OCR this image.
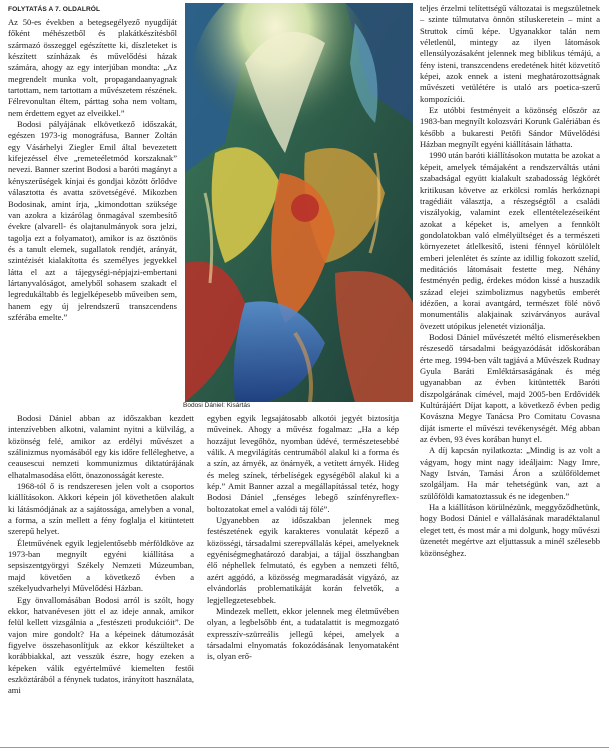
FOLYTATÁS A 7. OLDALRÓL

Az 50-es években a betegsegélyező nyugdíját főként méhészetből és plakátkészítésből származó összeggel egészítette ki, díszleteket is készített színházak és művelődési házak számára, ahogy az egy interjúban mondta: „Az megrendelt munka volt, propagandaanyagnak tartottam, nem tartottam a művészetem részének. Félrevonultan éltem, párttag soha nem voltam, nem érdettem egyet az elveikkel.”

Bodosi pályájának elkövetkező időszakát, egészen 1973-ig monográfusa, Banner Zoltán egy Vásárhelyi Ziegler Emil által bevezetett kifejezéssel élve „remeteéletmód korszaknak” nevezi. Banner szerint Bodosi a baróti magányt a kényszerűségek kínjai és gondjai között őrlődve választotta és avatta szövetségévé. Mikozben Bodosinak, amint írja, „kimondottan szüksége van azokra a kizárólag önmagával szembesítő évekre (alvarell- és olajtanulmányok sora jelzi, tagolja ezt a folyamatot), amikor is az ösztönös és a tanult elemek, sugallatok rendjét, arányát, szintézisét kialakította és személyes jegyekkel látta el azt a tájegységi-népjajzi-embertani lártanyvalóságot, amelyből sohasem szakadt el legredukáltabb és legjelképesebb műveiben sem, hanem egy új jelrendszerű transzcendens szférába emelte.”

Bodosi Dániel: Kisártás

Bodosi Dániel abban az időszakban kezdett intenzívebben alkotni, valamint nyitni a külvilág, a közönség felé, amikor az erdélyi művészet a szálinizmus nyomásából egy kis időre felléleghetve, a ceausescui nemzeti kommunizmus diktatúrájának elhatalmasodása előtt, önazonosságát kereste.

1968-tól ő is rendszeresen jelen volt a csoportos kiállításokon. Akkori képein jól követhetően alakult ki látásmódjának az a sajátossága, amelyben a vonal, a forma, a szín mellett a fény foglalja el kitüntetett szerepű helyet.

Életművének egyik legjelentősebb mérföldköve az 1973-ban megnyílt egyéni kiállítása a sepsiszentgyörgyi Székely Nemzeti Múzeumban, majd követően a következő évben a székelyudvarhelyi Művelődési Házban.

Egy önvallomásában Bodosi arról is szólt, hogy ekkor, hatvanévesen jött el az ideje annak, amikor felül kellett vizsgálnia a „festészeti produkcióit”. De vajon mire gondolt? Ha a képeinek dátumozását figyelve összehasonlítjuk az ekkor készülteket a korábbiakkal, azt vesszük észre, hogy ezeken a képeken válik egyértelművé kiemelten festői eszköztárából a fénynek tudatos, irányított használata, ami

egyben egyik legsajátosabb alkotói jegyét biztosítja műveinek. Ahogy a művész fogalmaz: „Ha a kép hozzájut levegőhöz, nyomban üdévé, természetesebbé válik. A megvilágítás centrumából alakul ki a forma és a szín, az árnyék, az önárnyék, a vetített árnyék. Hideg és meleg színek, térbelíségek egységéből alakul ki a kép.” Amit Banner azzal a megállapítással tetéz, hogy Bodosi Dániel „fenséges lebegő színfényreflex-boltozatokat emel a valódi táj fölé”.

Ugyanebben az időszakban jelennek meg festészetének egyik karakteres vonulatát képező a közösségi, társadalmi szerepvállalás képei, amelyeknek egyéniségmeghatározó darabjai, a tájjal összhangban élő néphellek felmutató, és egyben a nemzeti féltő, azért aggódó, a közösség megmaradását vigyázó, az elvándorlás problematikáját korán felvetők, a legjellegzetesebbek.

Mindezek mellett, ekkor jelennek meg életművében olyan, a legbelsőbb ént, a tudatalattit is megmozgató expresszív-szürreális jellegű képei, amelyek a társadalmi elnyomatás fokozódásának lenyomataként is, olyan erő-

teljes érzelmi telítettségű változatai is megszületnek – szinte túlmutatva önnön stíluskeretein – mint a Struttok című képe. Ugyanakkor talán nem véletlenül, mintegy az ilyen látomások ellensúlyozásaként jelennek meg biblikus témájú, a fény isteni, transzcendens eredetének hitét közvetítő képei, azok ennek a isteni meghatározottságnak művészeti vetülétére is utaló ars poetica-szerű kompozíciói.

Ez utóbbi festményeit a közönség először az 1983-ban megnyílt kolozsvári Korunk Galériában és később a bukaresti Petőfi Sándor Művelődési Házban megnyílt egyéni kiállításain láthatta.

1990 után baróti kiállításokon mutatta be azokat a képeit, amelyek témájaként a rendszerváltás utáni szabadságal együtt kialakult szabadosság légkörét kritikusan követve az erkölcsi romlás herkóznapi tragédiáit választja, a részegségtől a családi viszályokig, valamint ezek ellentételezéseiként azokat a képeket is, amelyen a fennkölt gondolatokban való elmélyültséget és a természeti környezetet átlelkesítő, isteni fénnyel körülölelt emberi jelenlétet és színte az idillig fokozott szelíd, meditációs látomásait festette meg. Néhány festményén pedig, érdekes módon kissé a huszadik század elejei szimbolizmus nagybetűs emberét idézően, a korai avantgárd, természet fölé növő monumentális alakjainak szivárványos aurával övezett utópikus jelenetét vizionálja.

Bodosi Dániel művészetét méltó elismerésekben részesedő társadalmi beágyazódását időskorában érte meg. 1994-ben vált tagjává a Művészek Rudnay Gyula Baráti Emléktársaságának és még ugyanabban az évben kitüntették Baróti díszpolgárának címével, majd 2005-ben Erdővidék Kultúrájáért Díjat kapott, a következő évben pedig Kovászna Megye Tanácsa Pro Comitatu Covasna díját ismerte el művészi tevékenységét. Még abban az évben, 93 éves korában hunyt el.

A díj kapcsán nyilatkozta: „Mindig is az volt a vágyam, hogy mint nagy ideáljaim: Nagy Imre, Nagy István, Tamási Áron a szülőföldemet szolgáljam. Ha már tehetségünk van, azt a szülőföldi kamatoztassuk és ne idegenben.”

Ha a kiállításon körülnézünk, meggyőződhetünk, hogy Bodosi Dániel e vállalásának maradéktalanul eleget tett, és most már a mi dolgunk, hogy művészi üzenetét megértve azt eljuttassuk a minél szélesebb közönséghez.
